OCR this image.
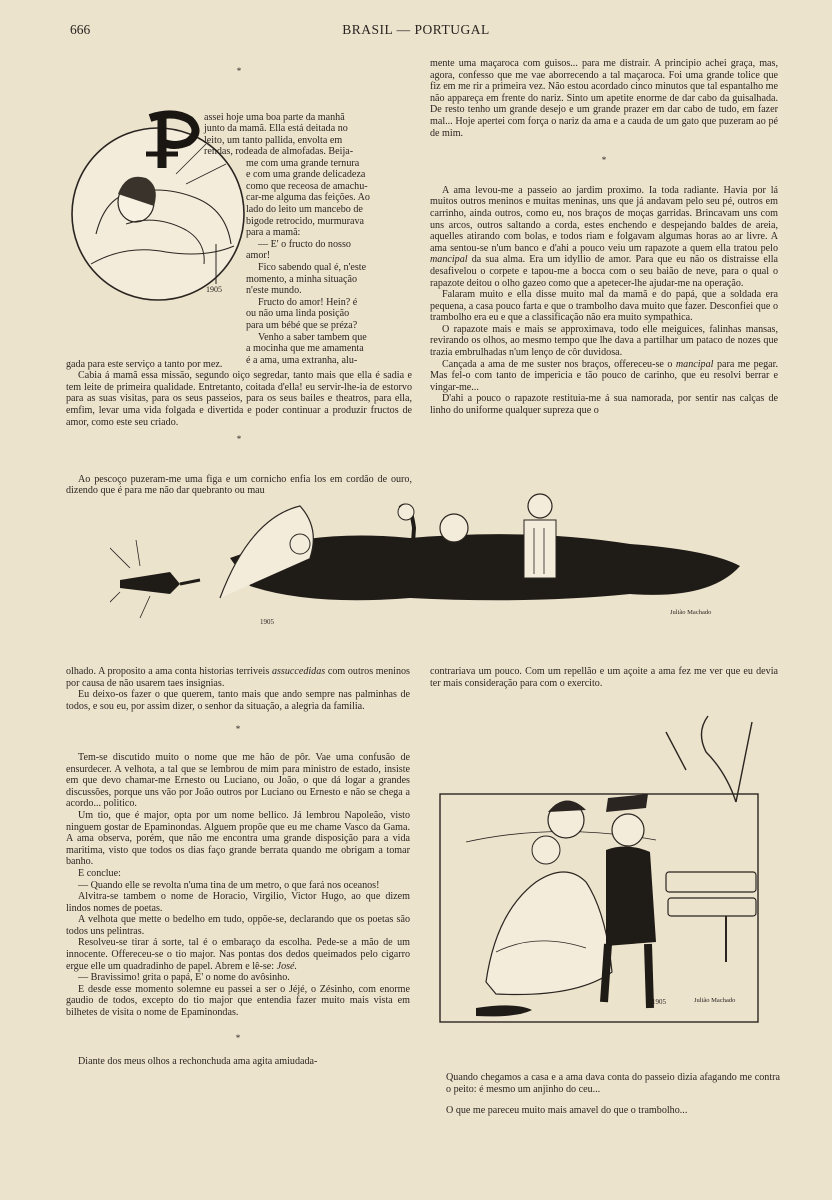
666	BRASIL — PORTUGAL
*
1905

assei hoje uma boa parte da manhã

junto da mamã. Ella está deitada no

leito, um tanto pallida, envolta em

rendas, rodeada de almofadas. Beija-

me com uma grande ternura

e com uma grande delicadeza

como que receosa de amachu-

car-me alguma das feições. Ao

lado do leito um mancebo de

bigode retrocido, murmurava

para a mamã:

— E' o fructo do nosso

amor!

Fico sabendo qual é, n'este

momento, a minha situação

n'este mundo.

Fructo do amor! Hein? é

ou não uma linda posição

para um bébé que se préza?

Venho a saber tambem que

a mocinha que me amamenta

é a ama, uma extranha, alu-

gada para este serviço a tanto por mez.

Cabia á mamã essa missão, segundo oiço segredar, tanto mais que ella é sadia e tem leite de primeira qualidade. Entretanto, coitada d'ella! eu servir-lhe-ia de estorvo para as suas visitas, para os seus passeios, para os seus bailes e theatros, para ella, emfim, levar uma vida folgada e divertida e poder continuar a produzir fructos de amor, como este seu criado.

*

Ao pescoço puzeram-me uma figa e um cornicho enfia los em cordão de ouro, dizendo que é para me não dar quebranto ou mau

mente uma maçaroca com guisos... para me distrair. A principio achei graça, mas, agora, confesso que me vae aborrecendo a tal maçaroca. Foi uma grande tolice que fiz em me rir a primeira vez. Não estou acordado cinco minutos que tal espantalho me não appareça em frente do nariz. Sinto um apetite enorme de dar cabo da guisalhada. De resto tenho um grande desejo e um grande prazer em dar cabo de tudo, em fazer mal... Hoje apertei com força o nariz da ama e a cauda de um gato que puzeram ao pé de mim.

*

A ama levou-me a passeio ao jardim proximo. Ia toda radiante. Havia por lá muitos outros meninos e muitas meninas, uns que já andavam pelo seu pé, outros em carrinho, ainda outros, como eu, nos braços de moças garridas. Brincavam uns com uns arcos, outros saltando a corda, estes enchendo e despejando baldes de areia, aquelles atirando com bolas, e todos riam e folgavam algumas horas ao ar livre. A ama sentou-se n'um banco e d'ahi a pouco veiu um rapazote a quem ella tratou pelo mancipal da sua alma. Era um idyllio de amor. Para que eu não os distraisse ella desafivelou o corpete e tapou-me a bocca com o seu baião de neve, para o qual o rapazote deitou o olho gazeo como que a apetecer-lhe ajudar-me na operação.

Falaram muito e ella disse muito mal da mamã e do papá, que a soldada era pequena, a casa pouco farta e que o trambolho dava muito que fazer. Desconfiei que o trambolho era eu e que a classificação não era muito sympathica.

O rapazote mais e mais se approximava, todo elle meiguices, falinhas mansas, revirando os olhos, ao mesmo tempo que lhe dava a partilhar um pataco de nozes que trazia embrulhadas n'um lenço de côr duvidosa.

Cançada a ama de me suster nos braços, offereceu-se o mancipal para me pegar. Mas fel-o com tanto de impericia e tão pouco de carinho, que eu resolvi berrar e vingar-me...

D'ahi a pouco o rapazote restituia-me á sua namorada, por sentir nas calças de linho do uniforme qualquer supreza que o

1905
Julião Machado

olhado. A proposito a ama conta historias terriveis assuccedidas com outros meninos por causa de não usarem taes insignias.

Eu deixo-os fazer o que querem, tanto mais que ando sempre nas palminhas de todos, e sou eu, por assim dizer, o senhor da situação, a alegria da familia.

*

Tem-se discutido muito o nome que me hão de pôr. Vae uma confusão de ensurdecer. A velhota, a tal que se lembrou de mim para ministro de estado, insiste em que devo chamar-me Ernesto ou Luciano, ou João, o que dá logar a grandes discussões, porque uns vão por João outros por Luciano ou Ernesto e não se chega a acordo... politico.

Um tio, que é major, opta por um nome bellico. Já lembrou Napoleão, visto ninguem gostar de Epaminondas. Alguem propõe que eu me chame Vasco da Gama. A ama observa, porém, que não me encontra uma grande disposição para a vida maritima, visto que todos os dias faço grande berrata quando me obrigam a tomar banho.

E conclue:

— Quando elle se revolta n'uma tina de um metro, o que fará nos oceanos!

Alvitra-se tambem o nome de Horacio, Virgilio, Victor Hugo, ao que dizem lindos nomes de poetas.

A velhota que mette o bedelho em tudo, oppõe-se, declarando que os poetas são todos uns pelintras.

Resolveu-se tirar á sorte, tal é o embaraço da escolha. Pede-se a mão de um innocente. Offereceu-se o tio major. Nas pontas dos dedos queimados pelo cigarro ergue elle um quadradinho de papel. Abrem e lê-se: José.

— Bravissimo! grita o papá, E' o nome do avôsinho.

E desde esse momento solemne eu passei a ser o Jéjé, o Zésinho, com enorme gaudio de todos, excepto do tio major que entendia fazer muito mais vista em bilhetes de visita o nome de Epaminondas.

*

Diante dos meus olhos a rechonchuda ama agita amiudada-

contrariava um pouco. Com um repellão e um açoite a ama fez me ver que eu devia ter mais consideração para com o exercito.

1905	Julião Machado

Quando chegamos a casa e a ama dava conta do passeio dizia afagando me contra o peito: é mesmo um anjinho do ceu...

O que me pareceu muito mais amavel do que o trambolho...
